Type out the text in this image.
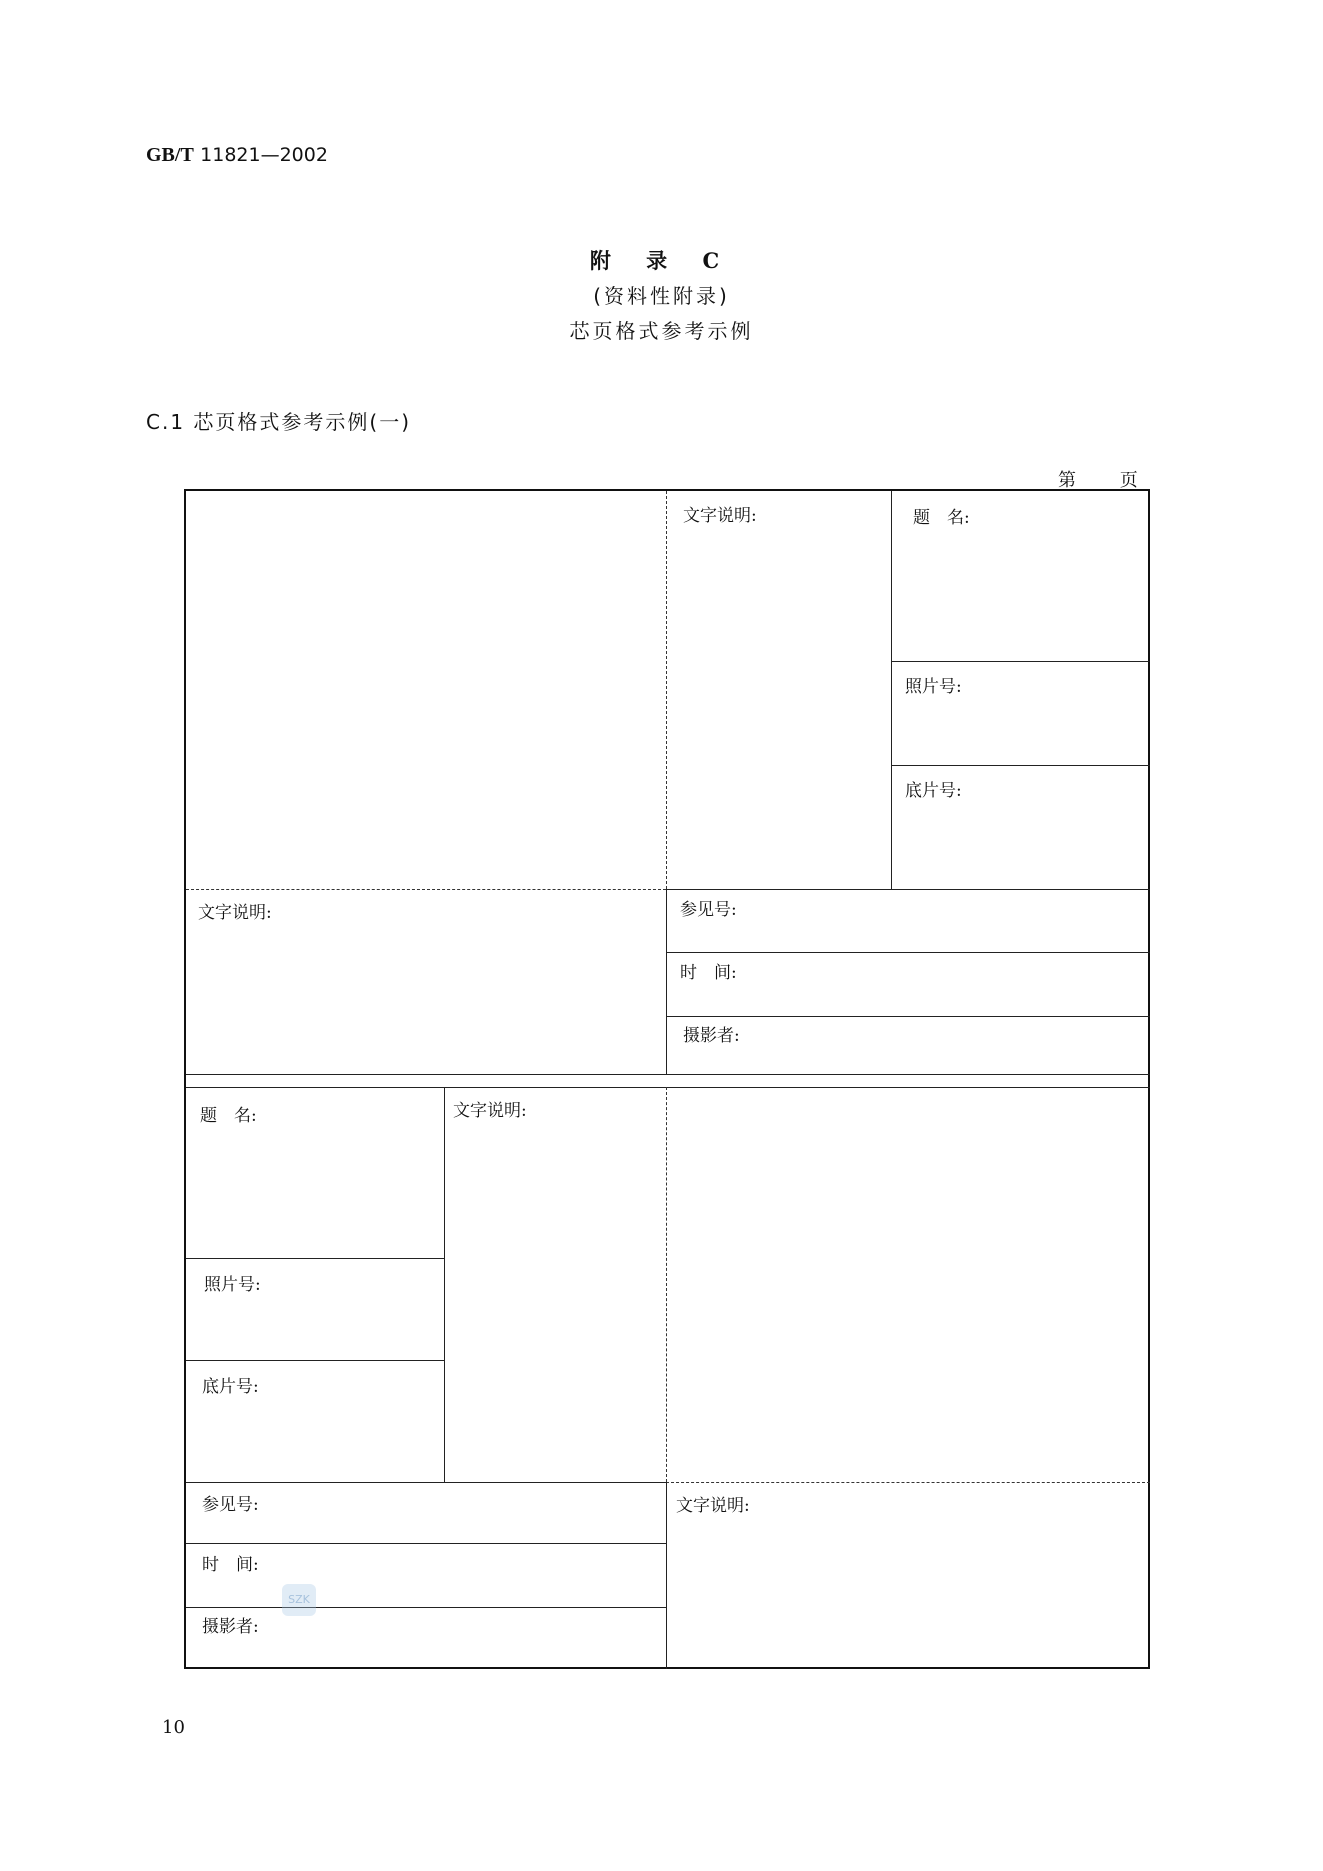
GB/T 11821—2002
附 录 C
(资料性附录)
芯页格式参考示例
C.1 芯页格式参考示例(一)
第 页
文字说明:	题　名:
照片号:
底片号:
文字说明:	参见号:
时　间:
摄影者:
题　名:	文字说明:
照片号:
底片号:
参见号:
时　间:
摄影者:
文字说明:
SZK
10
